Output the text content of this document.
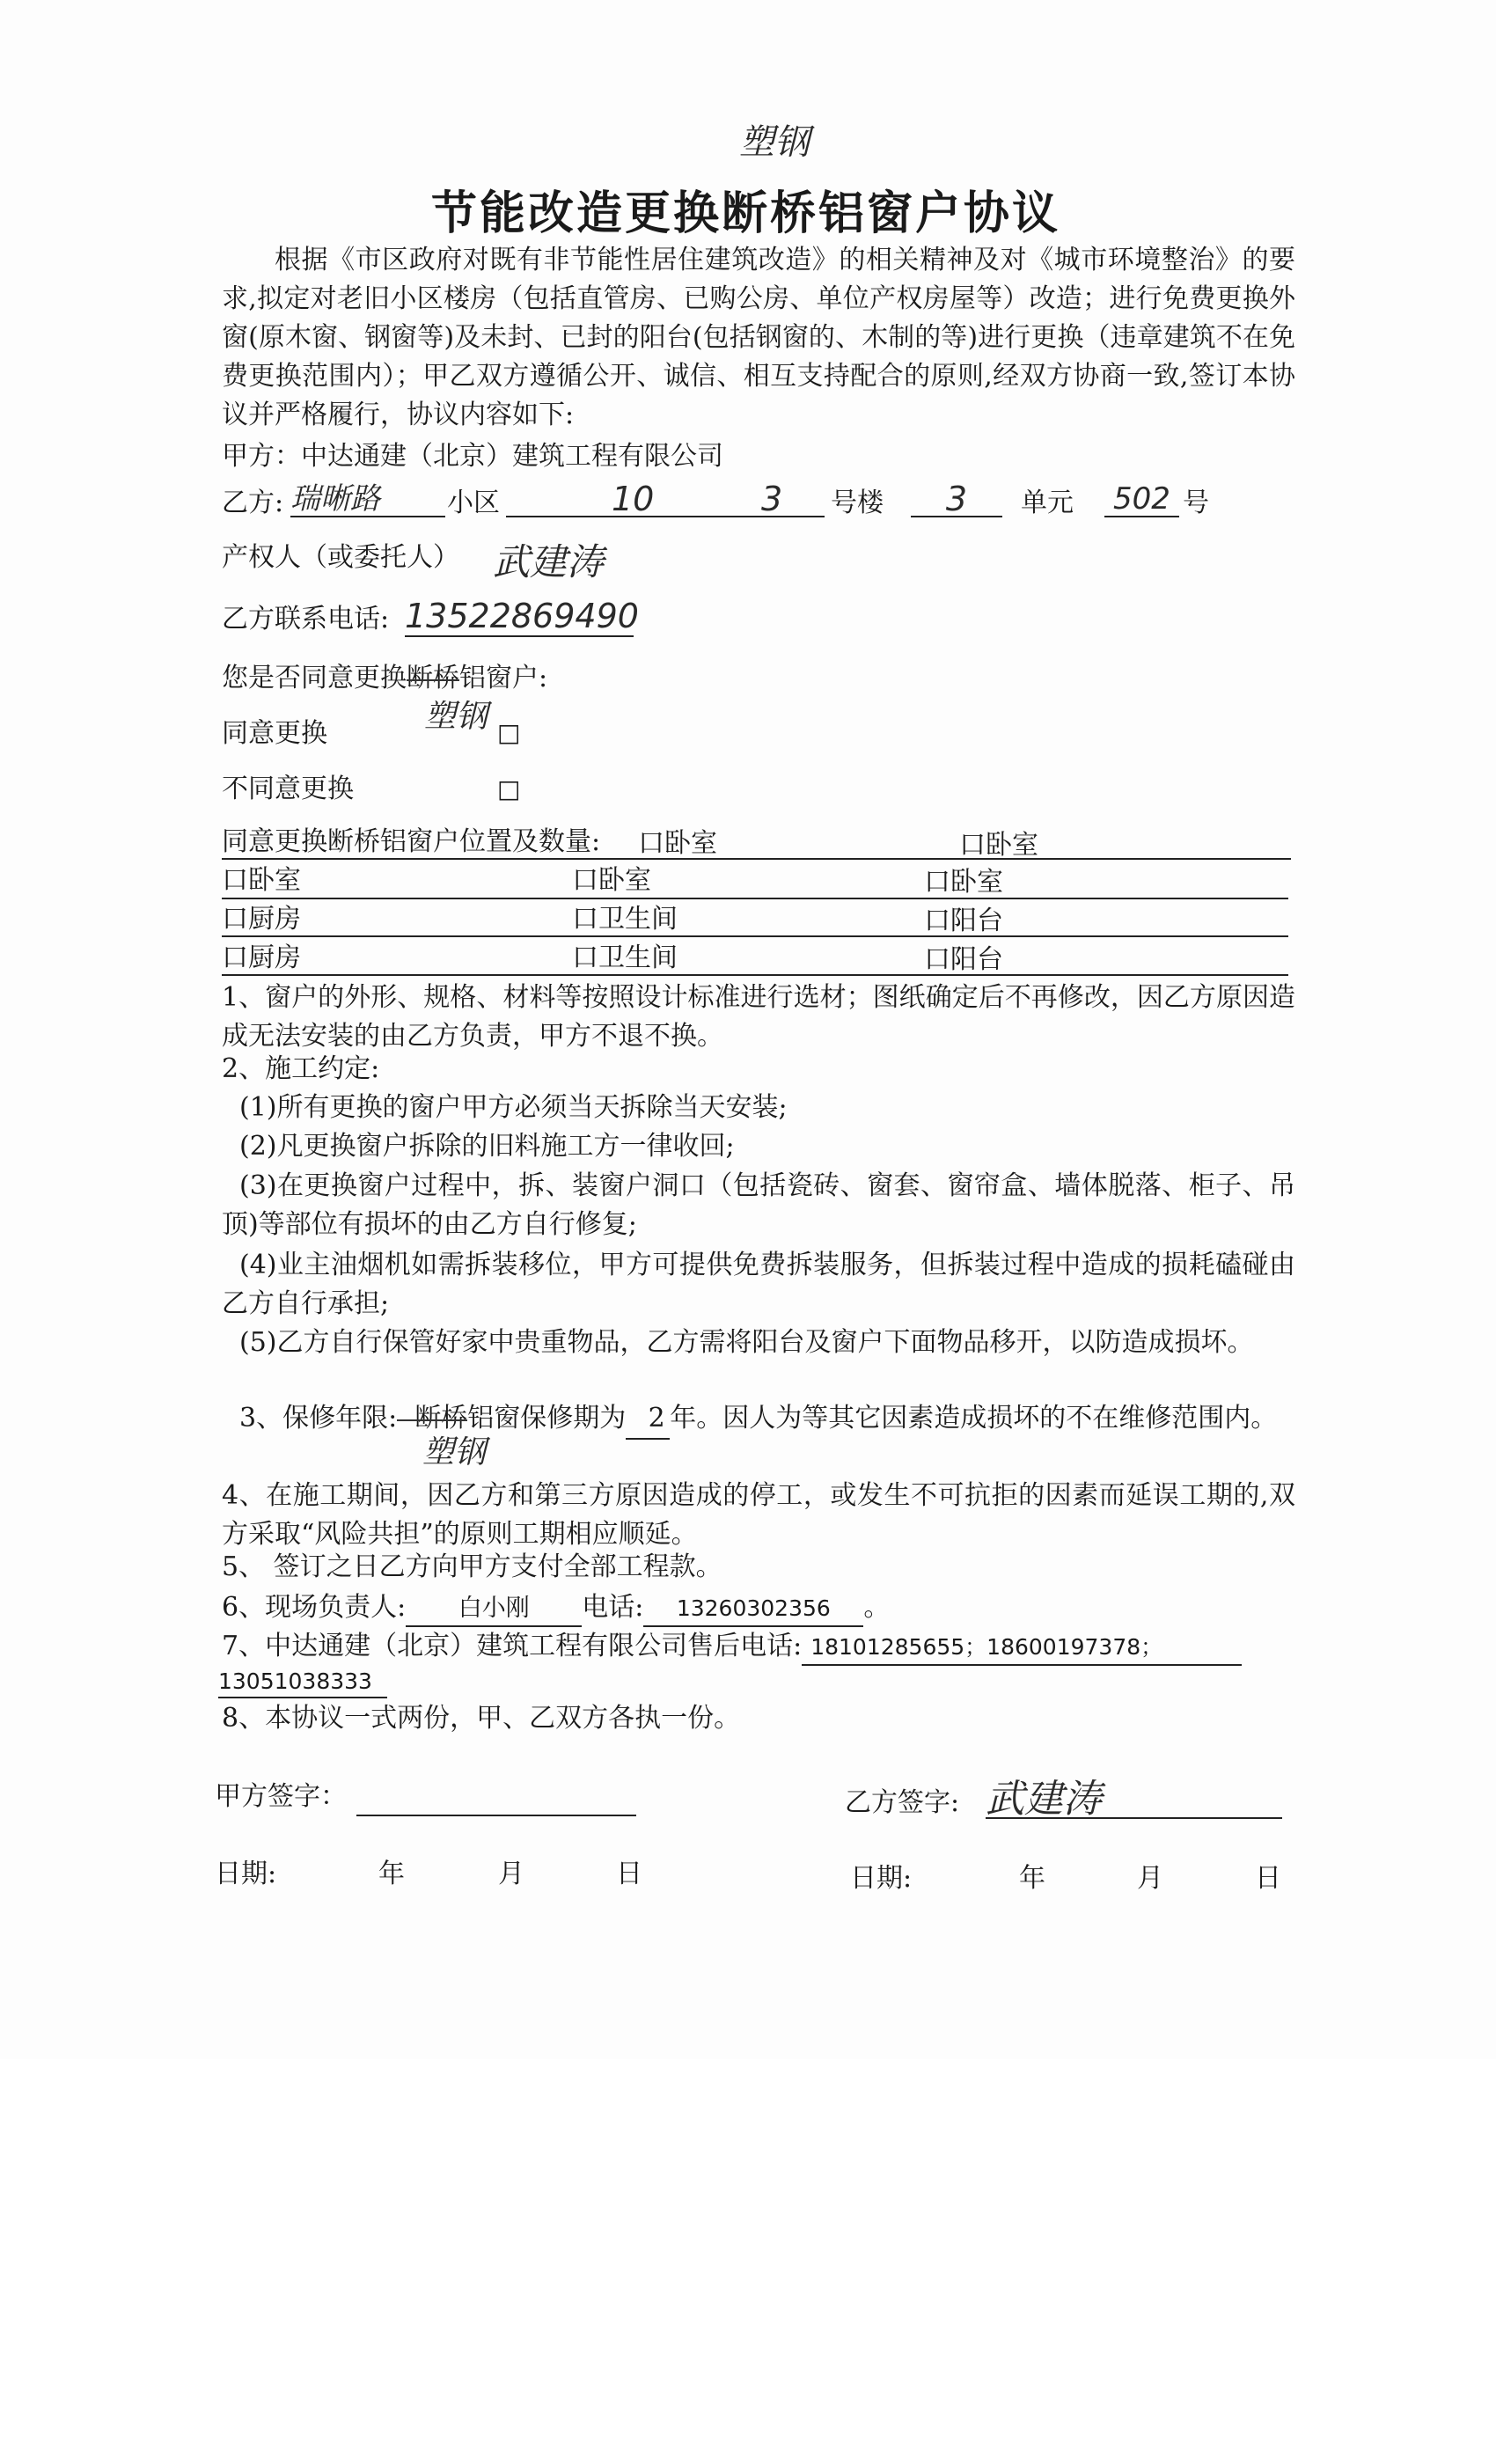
塑钢
节能改造更换断桥铝窗户协议
根据《市区政府对既有非节能性居住建筑改造》的相关精神及对《城市环境整治》的要求,拟定对老旧小区楼房（包括直管房、已购公房、单位产权房屋等）改造；进行免费更换外窗(原木窗、钢窗等)及未封、已封的阳台(包括钢窗的、木制的等)进行更换（违章建筑不在免费更换范围内）；甲乙双方遵循公开、诚信、相互支持配合的原则,经双方协商一致,签订本协议并严格履行，协议内容如下:
甲方：中达通建（北京）建筑工程有限公司
乙方: 瑞晰路	小区	10	3
号楼	3	单元 502 号
产权人（或委托人） 武建涛
乙方联系电话: 13522869490
您是否同意更换断桥铝窗户:
塑钢
同意更换	□
不同意更换	□
同意更换断桥铝窗户位置及数量: 口卧室	口卧室
口卧室	口卧室	口卧室
口厨房	口卫生间	口阳台
口厨房	口卫生间	口阳台
1、窗户的外形、规格、材料等按照设计标准进行选材；图纸确定后不再修改，因乙方原因造成无法安装的由乙方负责，甲方不退不换。
2、施工约定:
(1)所有更换的窗户甲方必须当天拆除当天安装;
(2)凡更换窗户拆除的旧料施工方一律收回;
(3)在更换窗户过程中，拆、装窗户洞口（包括瓷砖、窗套、窗帘盒、墙体脱落、柜子、吊顶)等部位有损坏的由乙方自行修复;
(4)业主油烟机如需拆装移位，甲方可提供免费拆装服务，但拆装过程中造成的损耗磕碰由乙方自行承担;
(5)乙方自行保管好家中贵重物品，乙方需将阳台及窗户下面物品移开，以防造成损坏。
3、保修年限: 断桥铝窗保修期为 2 年。因人为等其它因素造成损坏的不在维修范围内。
塑钢
4、在施工期间，因乙方和第三方原因造成的停工，或发生不可抗拒的因素而延误工期的,双方采取“风险共担”的原则工期相应顺延。
5、 签订之日乙方向甲方支付全部工程款。
6、现场负责人: 白小刚 电话: 13260302356 。
7、中达通建（北京）建筑工程有限公司售后电话: 18101285655；18600197378；
13051038333
8、本协议一式两份，甲、乙双方各执一份。
甲方签字：	乙方签字: 武建涛
日期:	年	月	日	日期:	年	月	日
